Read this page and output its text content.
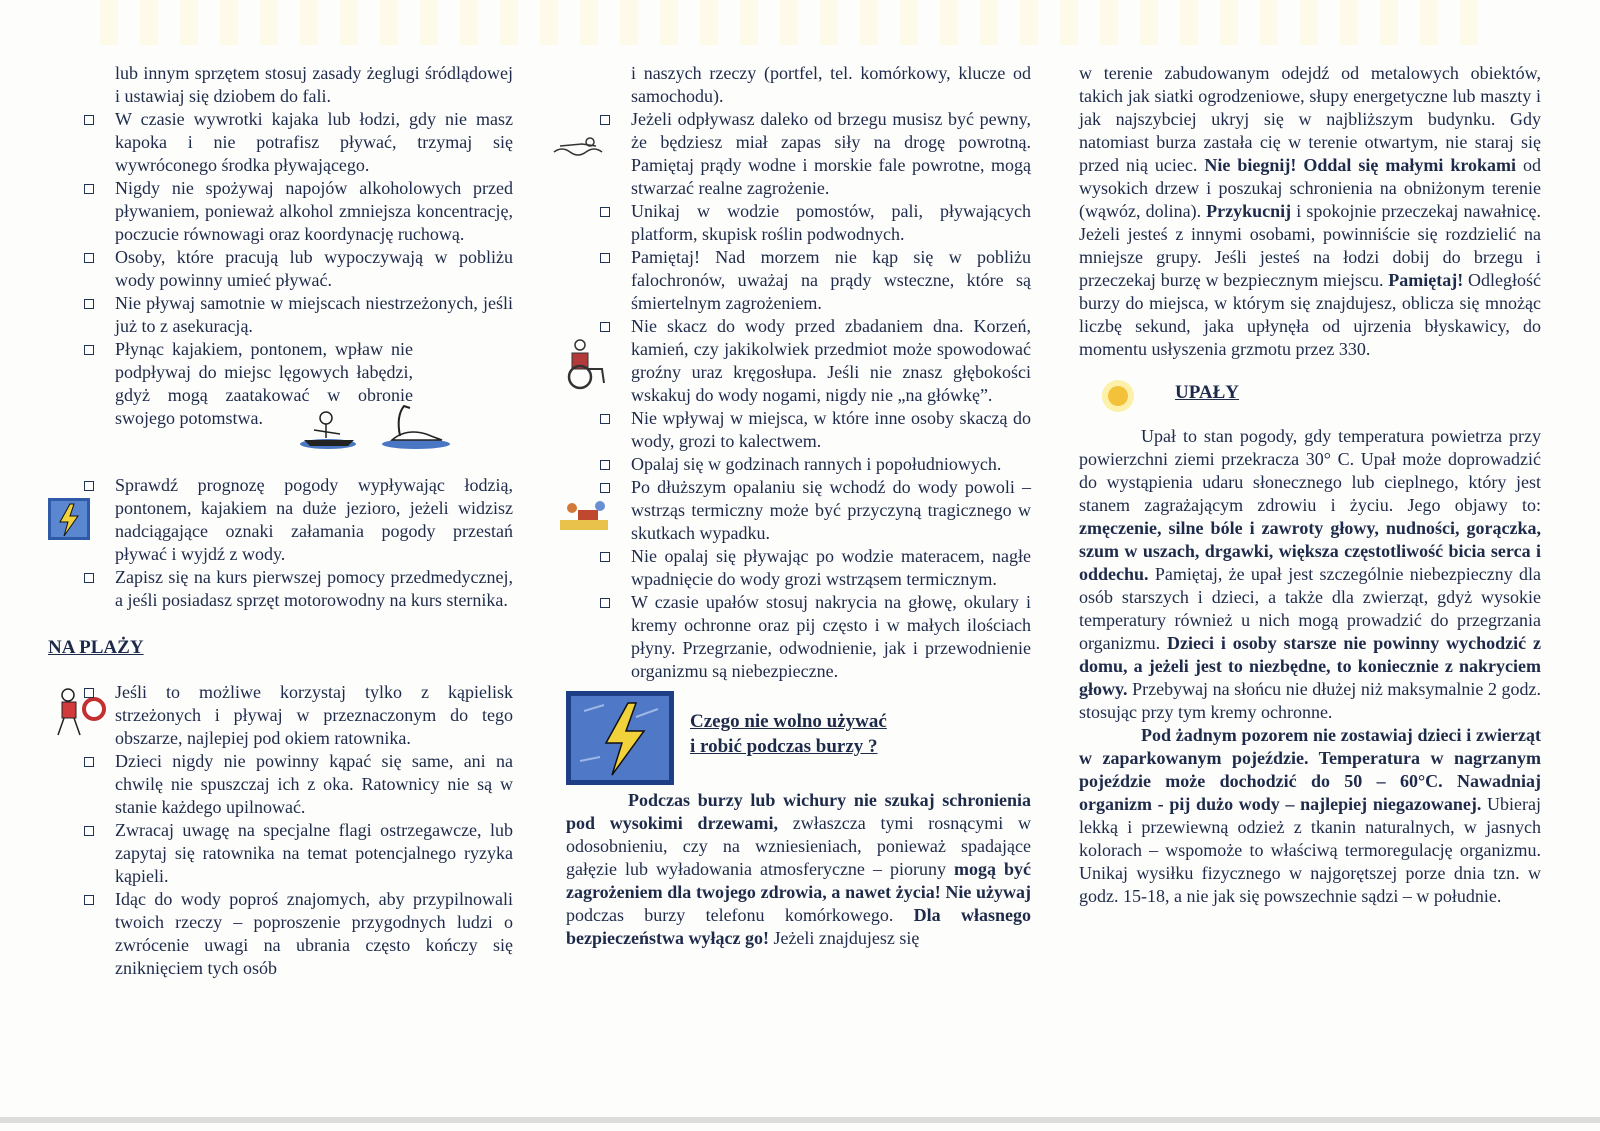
lub innym sprzętem stosuj zasady żeglugi śródlądowej i ustawiaj się dziobem do fali.

W czasie wywrotki kajaka lub łodzi, gdy nie masz kapoka i nie potrafisz pływać, trzymaj się wywróconego środka pływającego.
Nigdy nie spożywaj napojów alkoholowych przed pływaniem, ponieważ alkohol zmniejsza koncentrację, poczucie równowagi oraz koordynację ruchową.
Osoby, które pracują lub wypoczywają w pobliżu wody powinny umieć pływać.
Nie pływaj samotnie w miejscach niestrzeżonych, jeśli już to z asekuracją.
Płynąc kajakiem, pontonem, wpław nie podpływaj do miejsc lęgowych łabędzi, gdyż mogą zaatakować w obronie swojego potomstwa.
Sprawdź prognozę pogody wypływając łodzią, pontonem, kajakiem na duże jezioro, jeżeli widzisz nadciągające oznaki załamania pogody przestań pływać i wyjdź z wody.
Zapisz się na kurs pierwszej pomocy przedmedycznej, a jeśli posiadasz sprzęt motorowodny na kurs sternika.

NA PLAŻY

Jeśli to możliwe korzystaj tylko z kąpielisk strzeżonych i pływaj w przeznaczonym do tego obszarze, najlepiej pod okiem ratownika.
Dzieci nigdy nie powinny kąpać się same, ani na chwilę nie spuszczaj ich z oka. Ratownicy nie są w stanie każdego upilnować.
Zwracaj uwagę na specjalne flagi ostrzegawcze, lub zapytaj się ratownika na temat potencjalnego ryzyka kąpieli.
Idąc do wody poproś znajomych, aby przypilnowali twoich rzeczy – poproszenie przygodnych ludzi o zwrócenie uwagi na ubrania często kończy się zniknięciem tych osób

i naszych rzeczy (portfel, tel. komórkowy, klucze od samochodu).

Jeżeli odpływasz daleko od brzegu musisz być pewny, że będziesz miał zapas siły na drogę powrotną. Pamiętaj prądy wodne i morskie fale powrotne, mogą stwarzać realne zagrożenie.
Unikaj w wodzie pomostów, pali, pływających platform, skupisk roślin podwodnych.
Pamiętaj! Nad morzem nie kąp się w pobliżu falochronów, uważaj na prądy wsteczne, które są śmiertelnym zagrożeniem.
Nie skacz do wody przed zbadaniem dna. Korzeń, kamień, czy jakikolwiek przedmiot może spowodować groźny uraz kręgosłupa. Jeśli nie znasz głębokości wskakuj do wody nogami, nigdy nie „na główkę”.
Nie wpływaj w miejsca, w które inne osoby skaczą do wody, grozi to kalectwem.
Opalaj się w godzinach rannych i popołudniowych.
Po dłuższym opalaniu się wchodź do wody powoli – wstrząs termiczny może być przyczyną tragicznego w skutkach wypadku.
Nie opalaj się pływając po wodzie materacem, nagłe wpadnięcie do wody grozi wstrząsem termicznym.
W czasie upałów stosuj nakrycia na głowę, okulary i kremy ochronne oraz pij często i w małych ilościach płyny. Przegrzanie, odwodnienie, jak i przewodnienie organizmu są niebezpieczne.
Czego nie wolno używać
i robić podczas burzy ?

Podczas burzy lub wichury nie szukaj schronienia pod wysokimi drzewami, zwłaszcza tymi rosnącymi w odosobnieniu, czy na wzniesieniach, ponieważ spadające gałęzie lub wyładowania atmosferyczne – pioruny mogą być zagrożeniem dla twojego zdrowia, a nawet życia! Nie używaj podczas burzy telefonu komórkowego. Dla własnego bezpieczeństwa wyłącz go! Jeżeli znajdujesz się

w terenie zabudowanym odejdź od metalowych obiektów, takich jak siatki ogrodzeniowe, słupy energetyczne lub maszty i jak najszybciej ukryj się w najbliższym budynku. Gdy natomiast burza zastała cię w terenie otwartym, nie staraj się przed nią uciec. Nie biegnij! Oddal się małymi krokami od wysokich drzew i poszukaj schronienia na obniżonym terenie (wąwóz, dolina). Przykucnij i spokojnie przeczekaj nawałnicę. Jeżeli jesteś z innymi osobami, powinniście się rozdzielić na mniejsze grupy. Jeśli jesteś na łodzi dobij do brzegu i przeczekaj burzę w bezpiecznym miejscu. Pamiętaj! Odległość burzy do miejsca, w którym się znajdujesz, oblicza się mnożąc liczbę sekund, jaka upłynęła od ujrzenia błyskawicy, do momentu usłyszenia grzmotu przez 330.

UPAŁY

Upał to stan pogody, gdy temperatura powietrza przy powierzchni ziemi przekracza 30° C. Upał może doprowadzić do wystąpienia udaru słonecznego lub cieplnego, który jest stanem zagrażającym zdrowiu i życiu. Jego objawy to: zmęczenie, silne bóle i zawroty głowy, nudności, gorączka, szum w uszach, drgawki, większa częstotliwość bicia serca i oddechu. Pamiętaj, że upał jest szczególnie niebezpieczny dla osób starszych i dzieci, a także dla zwierząt, gdyż wysokie temperatury również u nich mogą prowadzić do przegrzania organizmu. Dzieci i osoby starsze nie powinny wychodzić z domu, a jeżeli jest to niezbędne, to koniecznie z nakryciem głowy. Przebywaj na słońcu nie dłużej niż maksymalnie 2 godz. stosując przy tym kremy ochronne.

Pod żadnym pozorem nie zostawiaj dzieci i zwierząt w zaparkowanym pojeździe. Temperatura w nagrzanym pojeździe może dochodzić do 50 – 60°C. Nawadniaj organizm - pij dużo wody – najlepiej niegazowanej. Ubieraj lekką i przewiewną odzież z tkanin naturalnych, w jasnych kolorach – wspomoże to właściwą termoregulację organizmu. Unikaj wysiłku fizycznego w najgorętszej porze dnia tzn. w godz. 15-18, a nie jak się powszechnie sądzi – w południe.
